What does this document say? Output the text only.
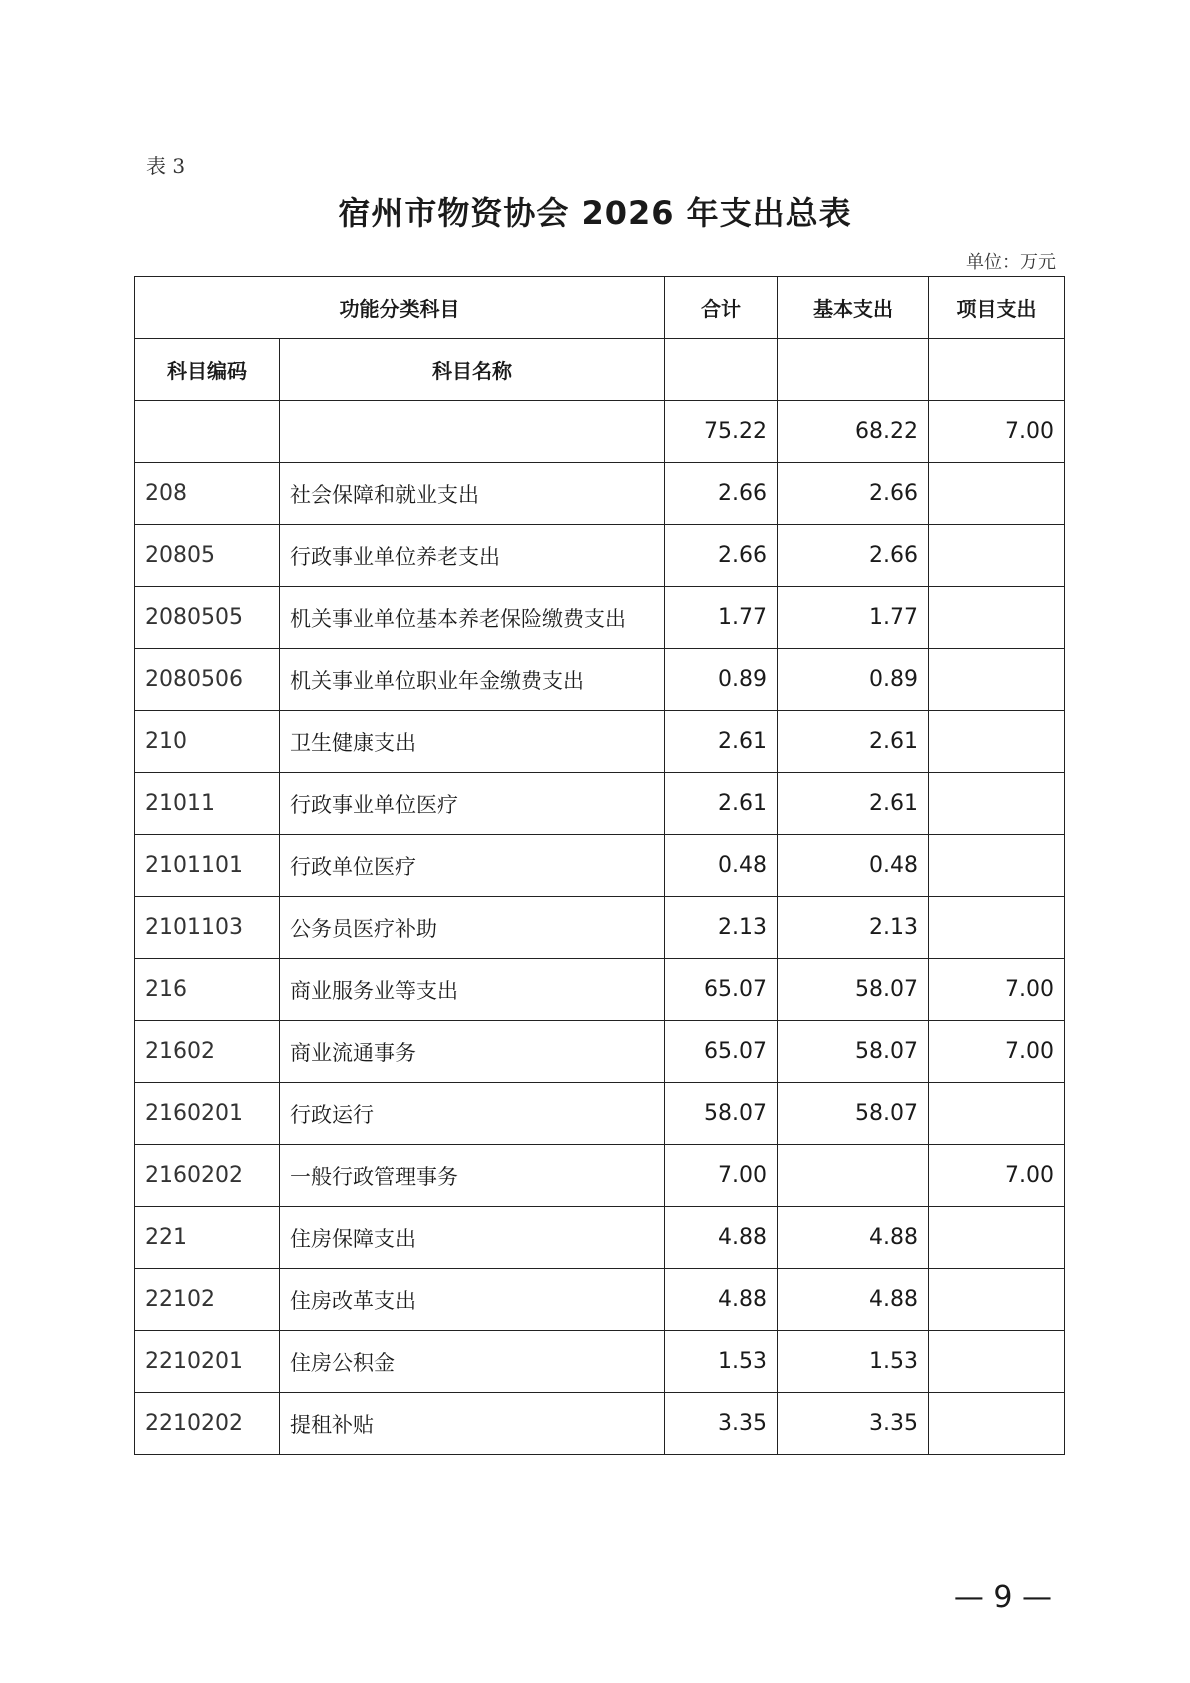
表 3
宿州市物资协会 2026 年支出总表
单位：万元
功能分类科目		合计	基本支出	项目支出
科目编码	科目名称			
		75.22	68.22	7.00
208	社会保障和就业支出	2.66	2.66	
20805	行政事业单位养老支出	2.66	2.66	
2080505	机关事业单位基本养老保险缴费支出	1.77	1.77	
2080506	机关事业单位职业年金缴费支出	0.89	0.89	
210	卫生健康支出	2.61	2.61	
21011	行政事业单位医疗	2.61	2.61	
2101101	行政单位医疗	0.48	0.48	
2101103	公务员医疗补助	2.13	2.13	
216	商业服务业等支出	65.07	58.07	7.00
21602	商业流通事务	65.07	58.07	7.00
2160201	行政运行	58.07	58.07	
2160202	一般行政管理事务	7.00		7.00
221	住房保障支出	4.88	4.88	
22102	住房改革支出	4.88	4.88	
2210201	住房公积金	1.53	1.53	
2210202	提租补贴	3.35	3.35	
— 9 —
